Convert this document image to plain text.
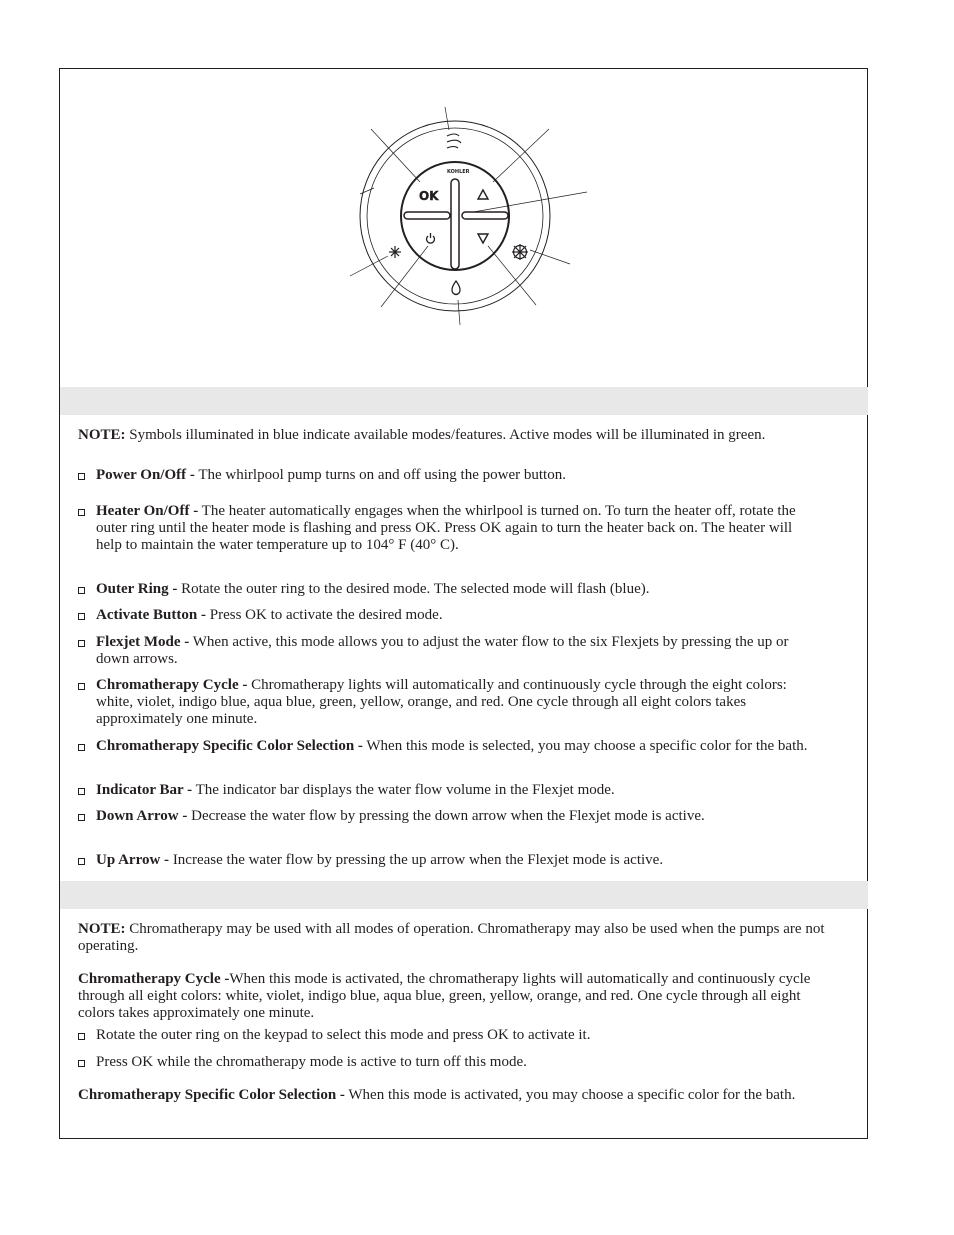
OK
KOHLER

NOTE: Symbols illuminated in blue indicate available modes/features. Active modes will be illuminated in green.

Power On/Off - The whirlpool pump turns on and off using the power button.
Heater On/Off - The heater automatically engages when the whirlpool is turned on. To turn the heater off, rotate the outer ring until the heater mode is flashing and press OK. Press OK again to turn the heater back on. The heater will help to maintain the water temperature up to 104° F (40° C).
Outer Ring - Rotate the outer ring to the desired mode. The selected mode will flash (blue).
Activate Button - Press OK to activate the desired mode.
Flexjet Mode - When active, this mode allows you to adjust the water flow to the six Flexjets by pressing the up or down arrows.
Chromatherapy Cycle - Chromatherapy lights will automatically and continuously cycle through the eight colors: white, violet, indigo blue, aqua blue, green, yellow, orange, and red. One cycle through all eight colors takes approximately one minute.
Chromatherapy Specific Color Selection - When this mode is selected, you may choose a specific color for the bath.
Indicator Bar - The indicator bar displays the water flow volume in the Flexjet mode.
Down Arrow - Decrease the water flow by pressing the down arrow when the Flexjet mode is active.
Up Arrow - Increase the water flow by pressing the up arrow when the Flexjet mode is active.

NOTE: Chromatherapy may be used with all modes of operation. Chromatherapy may also be used when the pumps are not operating.

Chromatherapy Cycle -When this mode is activated, the chromatherapy lights will automatically and continuously cycle through all eight colors: white, violet, indigo blue, aqua blue, green, yellow, orange, and red. One cycle through all eight colors takes approximately one minute.

Rotate the outer ring on the keypad to select this mode and press OK to activate it.
Press OK while the chromatherapy mode is active to turn off this mode.

Chromatherapy Specific Color Selection - When this mode is activated, you may choose a specific color for the bath.
